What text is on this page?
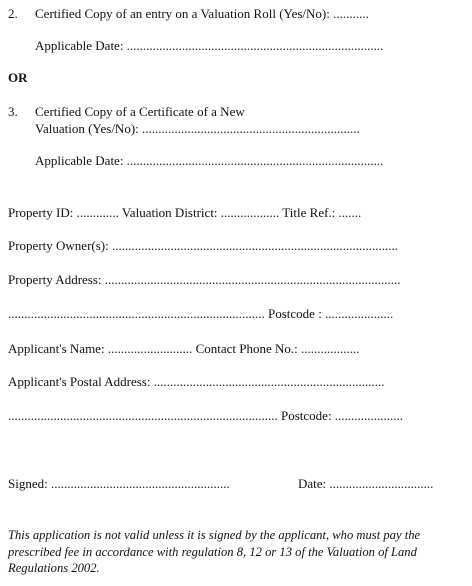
2. Certified Copy of an entry on a Valuation Roll (Yes/No): ...........
Applicable Date: ...............................................................................
OR
3. Certified Copy of a Certificate of a New
Valuation (Yes/No): ...................................................................
Applicable Date: ...............................................................................
Property ID: ............. Valuation District: .................. Title Ref.: .......
Property Owner(s): ........................................................................................
Property Address: ...........................................................................................
............................................................................... Postcode : .....................
Applicant's Name: .......................... Contact Phone No.: ..................
Applicant's Postal Address: .......................................................................
................................................................................... Postcode: .....................
Signed: .......................................................	Date: ................................
This application is not valid unless it is signed by the applicant, who must pay the prescribed fee in accordance with regulation 8, 12 or 13 of the Valuation of Land Regulations 2002.
